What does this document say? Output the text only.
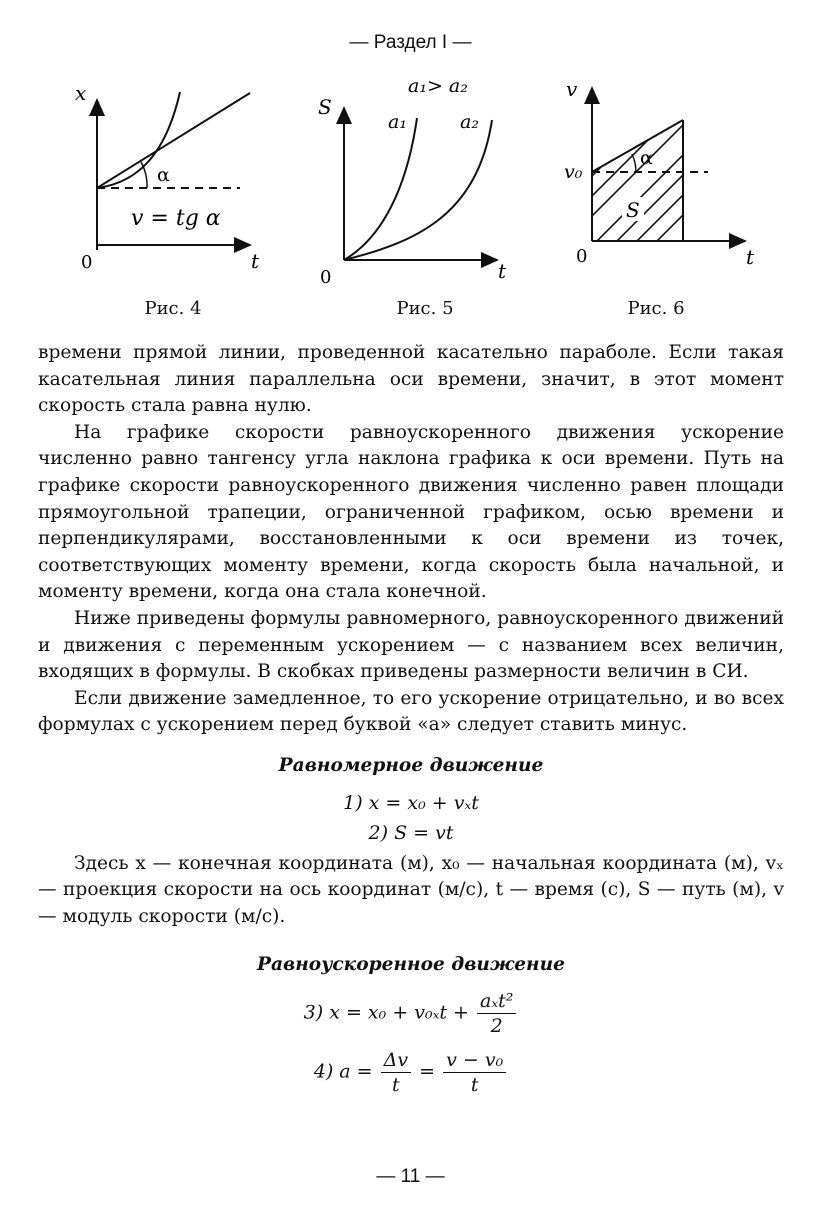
— Раздел I —
x
t
0
α
v = tg α
S
t
0
a₁> a₂
a₁	a₂
v
t
0
v₀
α
S
Рис. 4	Рис. 5	Рис. 6

времени прямой линии, проведенной касательно параболе. Если такая касательная линия параллельна оси времени, значит, в этот момент скорость стала равна нулю.

На графике скорости равноускоренного движения ускорение численно равно тангенсу угла наклона графика к оси времени. Путь на графике скорости равноускоренного движения численно равен площади прямоугольной трапеции, ограниченной графиком, осью времени и перпендикулярами, восстановленными к оси времени из точек, соответствующих моменту времени, когда скорость была начальной, и моменту времени, когда она стала конечной.

Ниже приведены формулы равномерного, равноускоренного движений и движения с переменным ускорением — с названием всех величин, входящих в формулы. В скобках приведены размерности величин в СИ.

Если движение замедленное, то его ускорение отрицательно, и во всех формулах с ускорением перед буквой «а» следует ставить минус.

Равномерное движение
1) x = x₀ + vₓt
2) S = vt

Здесь x — конечная координата (м), x₀ — начальная координата (м), vₓ — проекция скорости на ось координат (м/с), t — время (с), S — путь (м), v — модуль скорости (м/с).

Равноускоренное движение
3) $x = x_0 + v_{0x}t + \frac{\text{aₓt²}}{2}$
4) $a = \frac{\Delta v}{t} = \frac{\text{v − v₀}}{t}$
— 11 —
